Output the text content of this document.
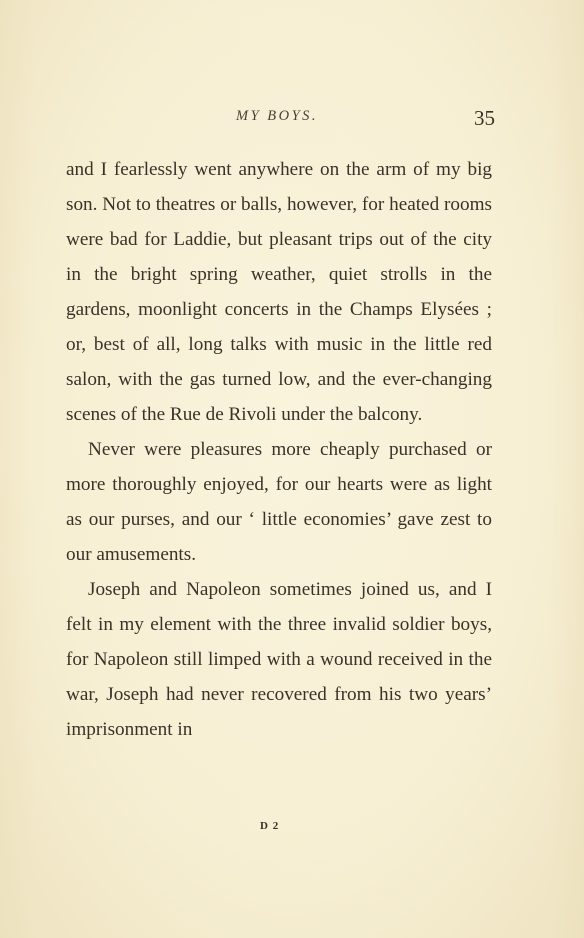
MY BOYS.	35

and I fearlessly went anywhere on the arm of my big son. Not to theatres or balls, however, for heated rooms were bad for Laddie, but pleasant trips out of the city in the bright spring weather, quiet strolls in the gardens, moonlight concerts in the Champs Elysées ; or, best of all, long talks with music in the little red salon, with the gas turned low, and the ever-changing scenes of the Rue de Rivoli under the balcony.

Never were pleasures more cheaply purchased or more thoroughly enjoyed, for our hearts were as light as our purses, and our ‘ little economies’ gave zest to our amusements.

Joseph and Napoleon sometimes joined us, and I felt in my element with the three invalid soldier boys, for Napoleon still limped with a wound received in the war, Joseph had never recovered from his two years’ imprisonment in

D 2
